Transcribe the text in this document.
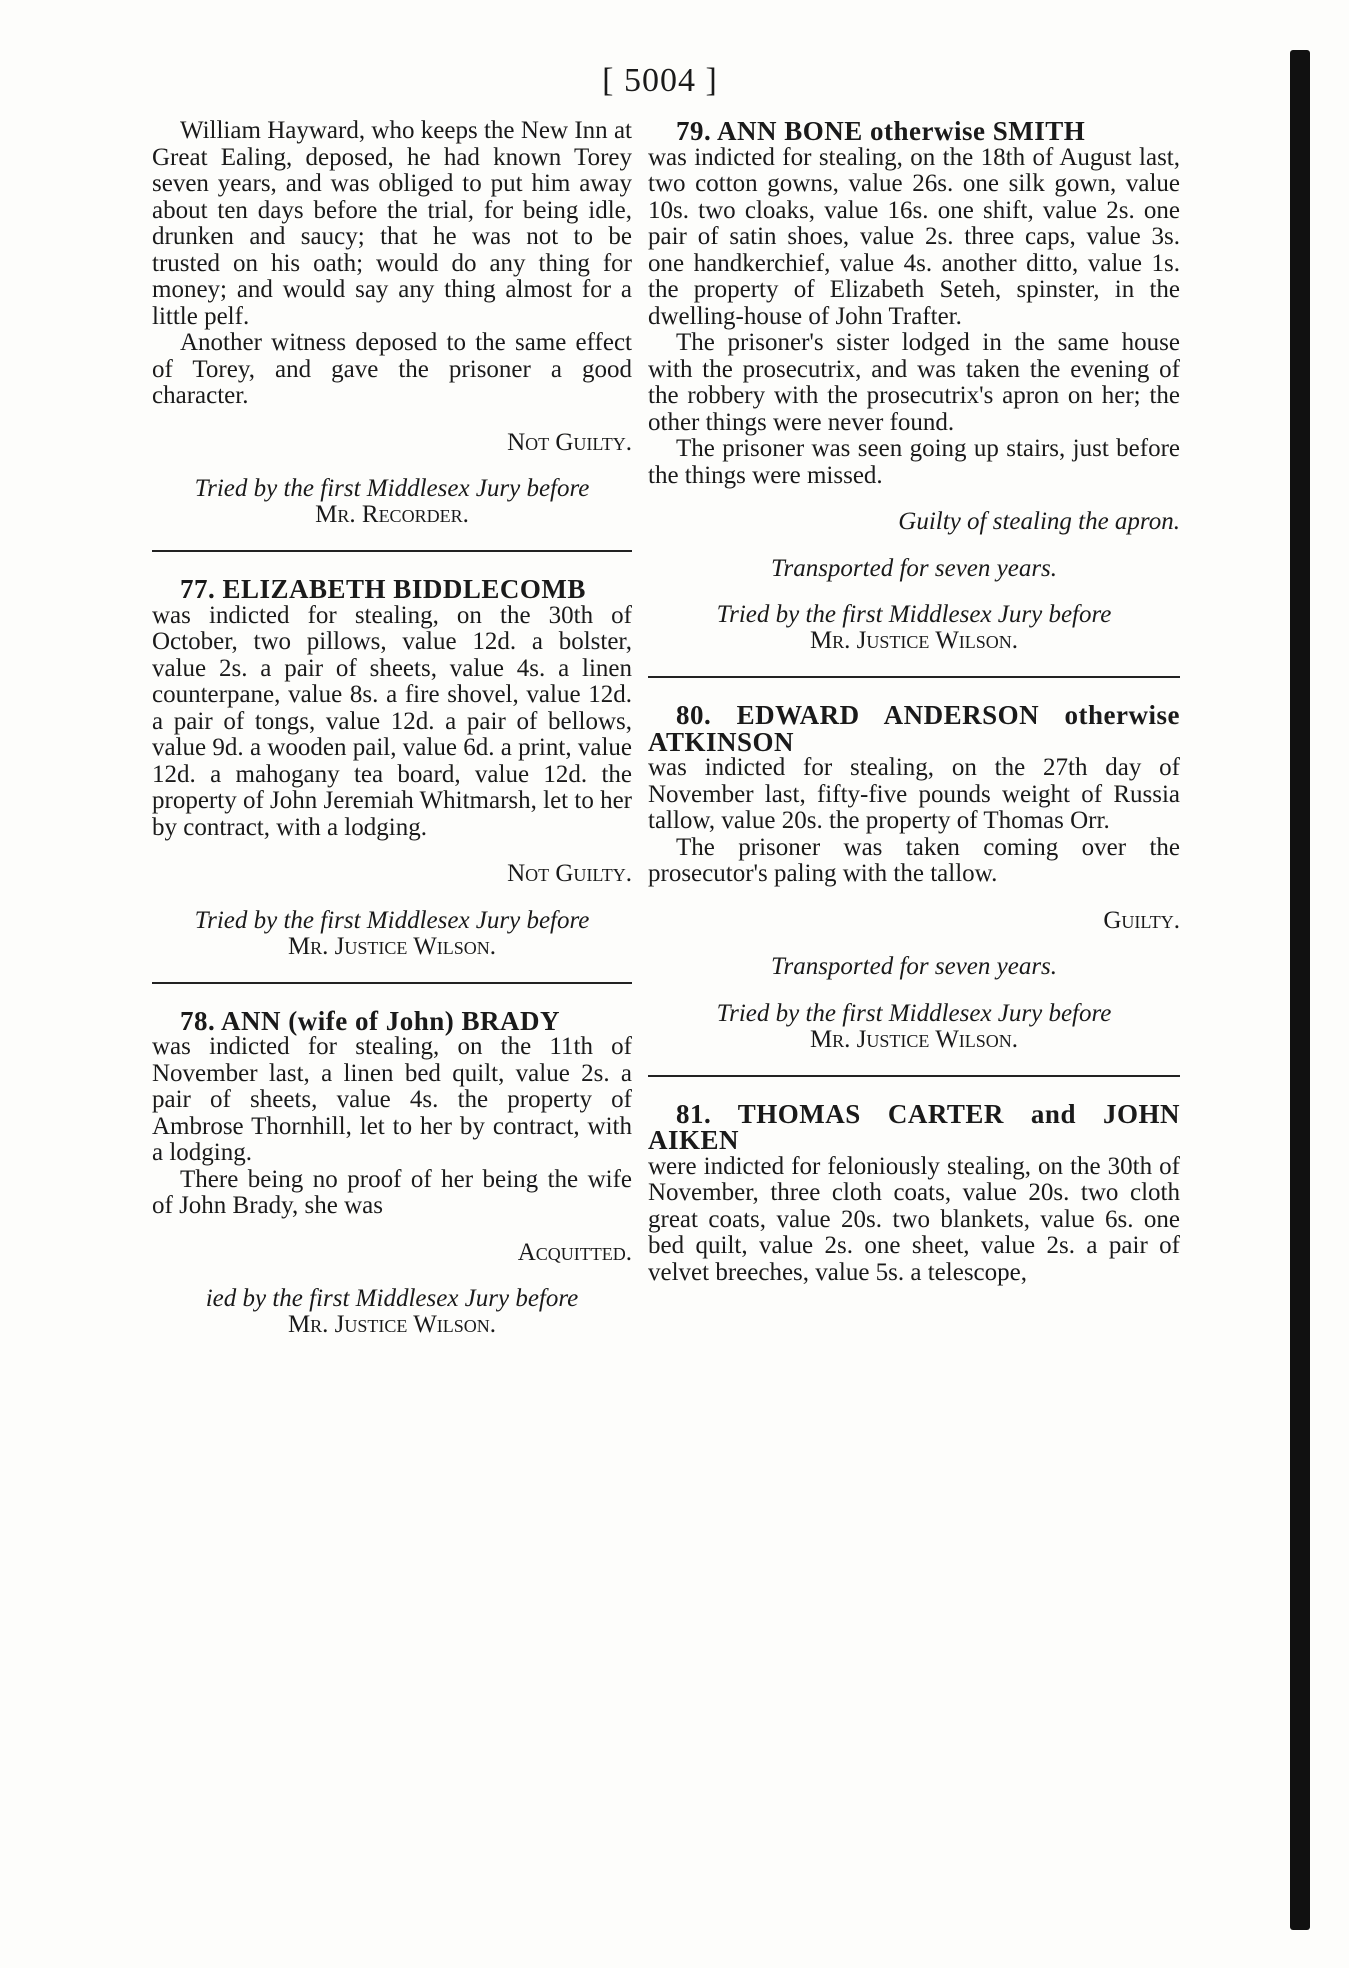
[ 5004 ]

William Hayward, who keeps the New Inn at Great Ealing, deposed, he had known Torey seven years, and was obliged to put him away about ten days before the trial, for being idle, drunken and saucy; that he was not to be trusted on his oath; would do any thing for money; and would say any thing almost for a little pelf.

Another witness deposed to the same effect of Torey, and gave the prisoner a good character.

Not Guilty.
Tried by the first Middlesex Jury before
Mr. Recorder.

77. ELIZABETH BIDDLECOMB

was indicted for stealing, on the 30th of October, two pillows, value 12d. a bolster, value 2s. a pair of sheets, value 4s. a linen counterpane, value 8s. a fire shovel, value 12d. a pair of tongs, value 12d. a pair of bellows, value 9d. a wooden pail, value 6d. a print, value 12d. a mahogany tea board, value 12d. the property of John Jeremiah Whitmarsh, let to her by contract, with a lodging.

Not Guilty.
Tried by the first Middlesex Jury before
Mr. Justice Wilson.

78. ANN (wife of John) BRADY

was indicted for stealing, on the 11th of November last, a linen bed quilt, value 2s. a pair of sheets, value 4s. the property of Ambrose Thornhill, let to her by contract, with a lodging.

There being no proof of her being the wife of John Brady, she was

Acquitted.
ied by the first Middlesex Jury before
Mr. Justice Wilson.

79. ANN BONE otherwise SMITH

was indicted for stealing, on the 18th of August last, two cotton gowns, value 26s. one silk gown, value 10s. two cloaks, value 16s. one shift, value 2s. one pair of satin shoes, value 2s. three caps, value 3s. one handkerchief, value 4s. another ditto, value 1s. the property of Elizabeth Seteh, spinster, in the dwelling-house of John Trafter.

The prisoner's sister lodged in the same house with the prosecutrix, and was taken the evening of the robbery with the prosecutrix's apron on her; the other things were never found.

The prisoner was seen going up stairs, just before the things were missed.

Guilty of stealing the apron.
Transported for seven years.
Tried by the first Middlesex Jury before
Mr. Justice Wilson.

80. EDWARD ANDERSON otherwise ATKINSON

was indicted for stealing, on the 27th day of November last, fifty-five pounds weight of Russia tallow, value 20s. the property of Thomas Orr.

The prisoner was taken coming over the prosecutor's paling with the tallow.

Guilty.
Transported for seven years.
Tried by the first Middlesex Jury before
Mr. Justice Wilson.

81. THOMAS CARTER and JOHN AIKEN

were indicted for feloniously stealing, on the 30th of November, three cloth coats, value 20s. two cloth great coats, value 20s. two blankets, value 6s. one bed quilt, value 2s. one sheet, value 2s. a pair of velvet breeches, value 5s. a telescope,
